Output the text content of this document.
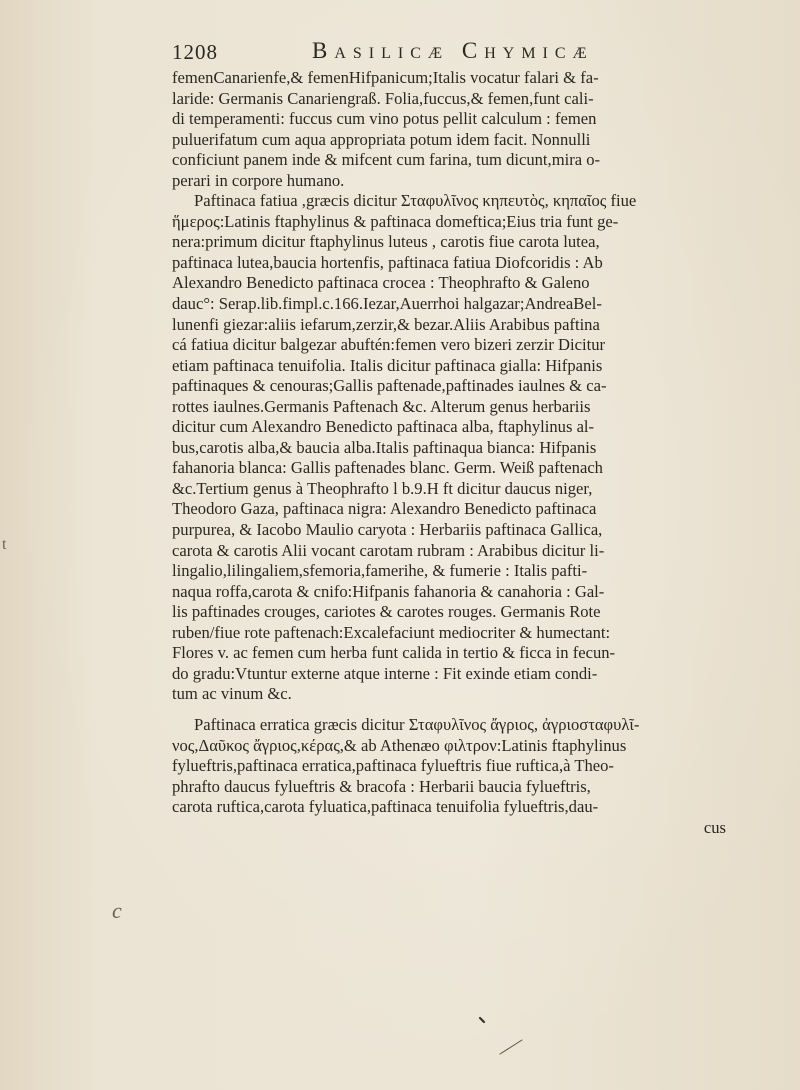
1208	Basilicæ Chymicæ
femenCanarienfe,& femenHifpanicum;Italis vocatur falari & fa-
laride: Germanis Canariengraß. Folia,fuccus,& femen,funt cali-
di temperamenti: fuccus cum vino potus pellit calculum : femen
puluerifatum cum aqua appropriata potum idem facit. Nonnulli
conficiunt panem inde & mifcent cum farina, tum dicunt,mira o-
perari in corpore humano.
Paftinaca fatiua ,græcis dicitur Σταφυλῖνος κηπευτὸς, κηπαῖος fiue
ἥμερος:Latinis ftaphylinus & paftinaca domeftica;Eius tria funt ge-
nera:primum dicitur ftaphylinus luteus , carotis fiue carota lutea,
paftinaca lutea,baucia hortenfis, paftinaca fatiua Diofcoridis : Ab
Alexandro Benedicto paftinaca crocea : Theophrafto & Galeno
dauc°: Serap.lib.fimpl.c.166.Iezar,Auerrhoi halgazar;AndreaBel-
lunenfi giezar:aliis iefarum,zerzir,& bezar.Aliis Arabibus paftina
cá fatiua dicitur balgezar abuftén:femen vero bizeri zerzir Dicitur
etiam paftinaca tenuifolia. Italis dicitur paftinaca gialla: Hifpanis
paftinaques & cenouras;Gallis paftenade,paftinades iaulnes & ca-
rottes iaulnes.Germanis Paftenach &c. Alterum genus herbariis
dicitur cum Alexandro Benedicto paftinaca alba, ftaphylinus al-
bus,carotis alba,& baucia alba.Italis paftinaqua bianca: Hifpanis
fahanoria blanca: Gallis paftenades blanc. Germ. Weiß paftenach
&c.Tertium genus à Theophrafto l b.9.H ft dicitur daucus niger,
Theodoro Gaza, paftinaca nigra: Alexandro Benedicto paftinaca
purpurea, & Iacobo Maulio caryota : Herbariis paftinaca Gallica,
carota & carotis Alii vocant carotam rubram : Arabibus dicitur li-
lingalio,lilingaliem,sfemoria,famerihe, & fumerie : Italis pafti-
naqua roffa,carota & cnifo:Hifpanis fahanoria & canahoria : Gal-
lis paftinades crouges, cariotes & carotes rouges. Germanis Rote
ruben/fiue rote paftenach:Excalefaciunt mediocriter & humectant:
Flores v. ac femen cum herba funt calida in tertio & ficca in fecun-
do gradu:Vtuntur externe atque interne : Fit exinde etiam condi-
tum ac vinum &c.
Paftinaca erratica græcis dicitur Σταφυλῖνος ἄγριος, ἀγριοσταφυλῖ-
νος,Δαῦκος ἄγριος,κέρας,& ab Athenæo φιλτρον:Latinis ftaphylinus
fylueftris,paftinaca erratica,paftinaca fylueftris fiue ruftica,à Theo-
phrafto daucus fylueftris & bracofa : Herbarii baucia fylueftris,
carota ruftica,carota fyluatica,paftinaca tenuifolia fylueftris,dau-
cus
t
c
